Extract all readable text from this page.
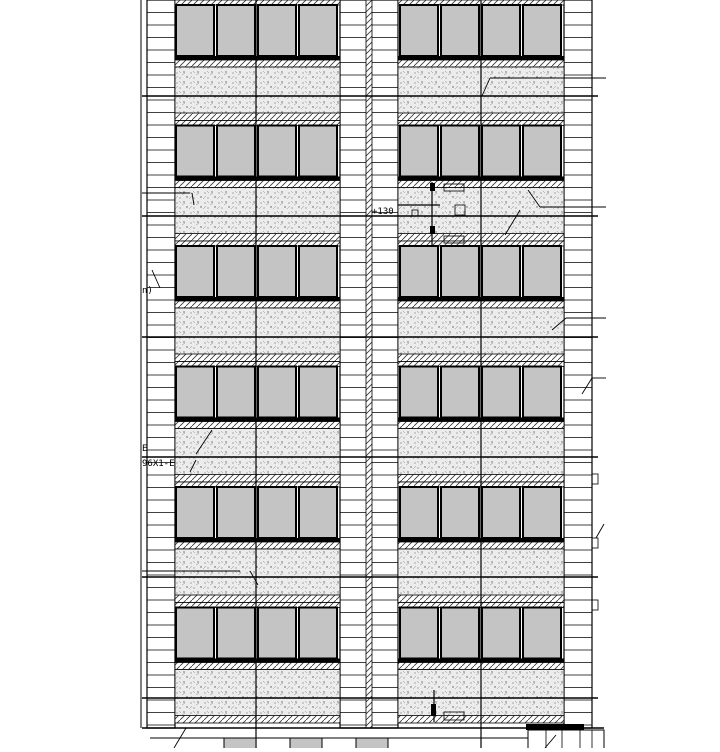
+130
n)
E
96X1-E
